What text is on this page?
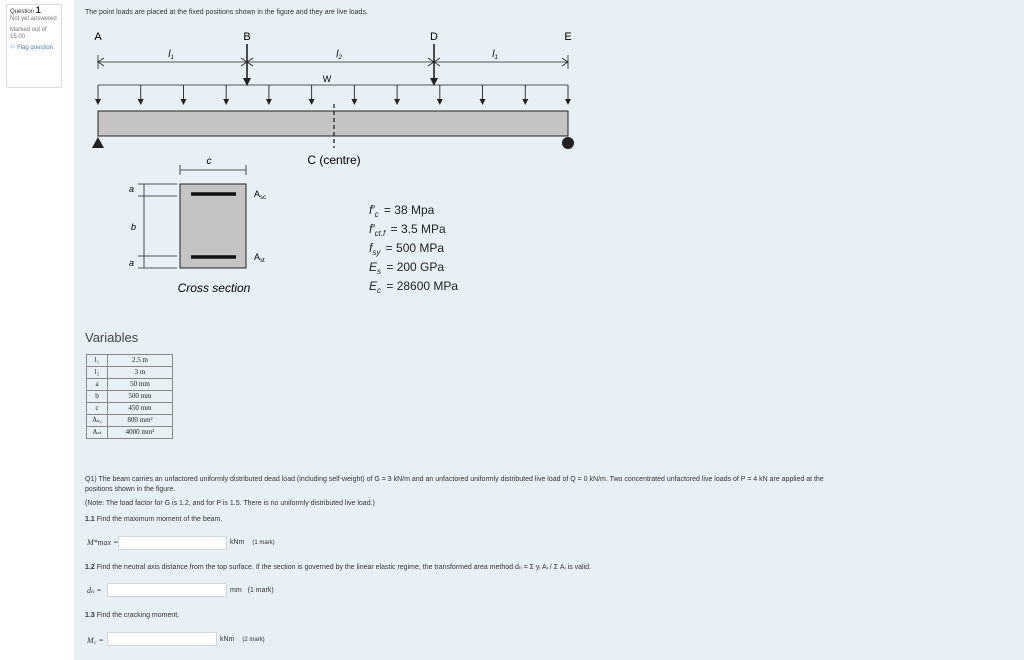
Question 1
Not yet answered
Marked out of 15.00
⚐ Flag question
The point loads are placed at the fixed positions shown in the figure and they are live loads.
A	B	D	E
$l_1$	$l_2$	$l_1$
W
C (centre)
c
a
b
a
$A_{sc}$
$A_{st}$
Cross section
$f'_c = 38$ Mpa
$f'_{ct.f} = 3.5$ MPa
$f_{sy} = 500$ MPa
$E_s = 200$ GPa
$E_c = 28600$ MPa
Variables
l₁	2.5 m
l₂	3 m
a	50 mm
b	500 mm
c	450 mm
Aₛ꜀	800 mm²
Aₛₜ	4000 mm²
Q1) The beam carries an unfactored uniformly distributed dead load (including self-weight) of G = 3 kN/m and an unfactored uniformly distributed live load of Q = 0 kN/m. Two concentrated unfactored live loads of P = 4 kN are applied at the
positions shown in the figure.
(Note: The load factor for G is 1.2, and for P is 1.5. There is no uniformly distributed live load.)
1.1 Find the maximum moment of the beam.
M*max =	kNm (1 mark)
1.2 Find the neutral axis distance from the top surface. If the section is governed by the linear elastic regime, the transformed area method dₙ = Σ yᵢ Aᵢ / Σ Aᵢ is valid.
dₙ =	mm (1 mark)
1.3 Find the cracking moment.
M꜀ =	kNm (2 mark)
